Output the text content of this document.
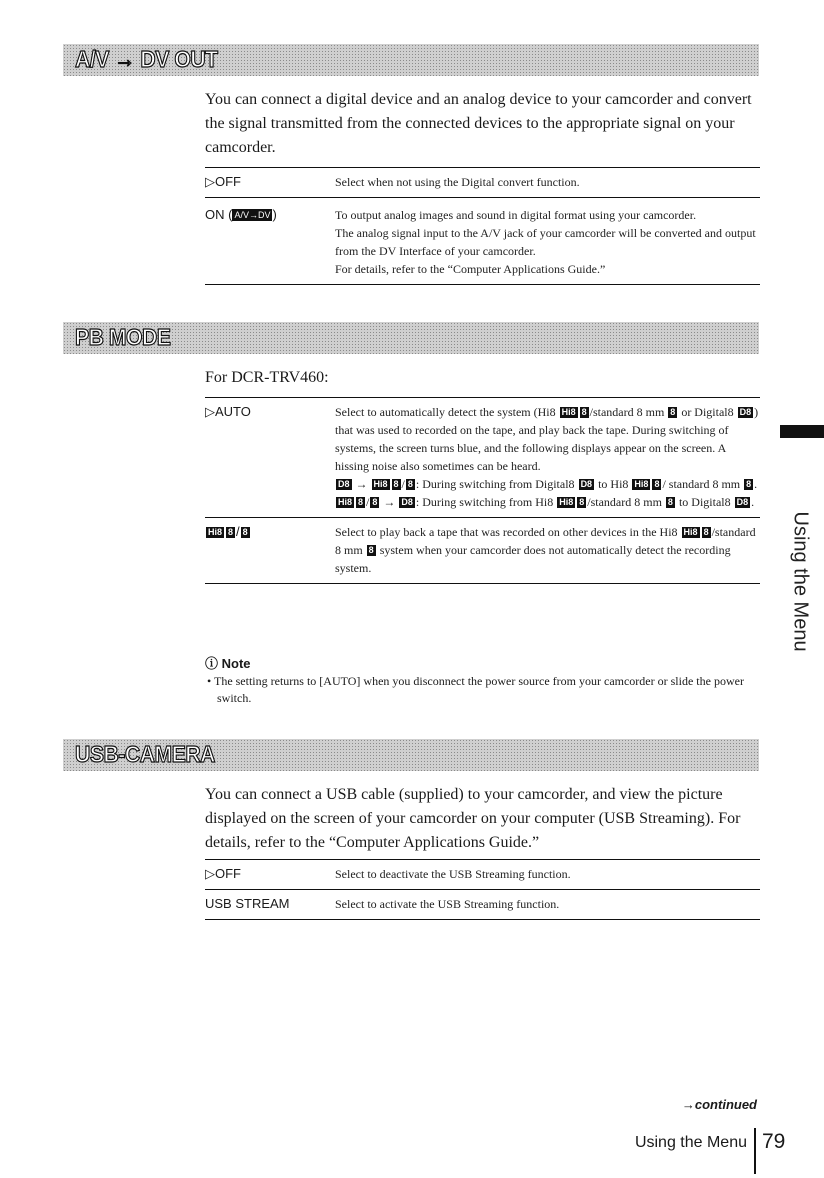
A/V → DV OUT

You can connect a digital device and an analog device to your camcorder and convert the signal transmitted from the connected devices to the appropriate signal on your camcorder.

▷OFF	Select when not using the Digital convert function.
ON ( A/V→DV )	To output analog images and sound in digital format using your camcorder.
The analog signal input to the A/V jack of your camcorder will be converted and output from the DV Interface of your camcorder.
For details, refer to the “Computer Applications Guide.”
PB MODE

For DCR-TRV460:

▷AUTO	Select to automatically detect the system (Hi8 Hi8 8 /standard 8 mm 8 or Digital8 D8 ) that was used to recorded on the tape, and play back the tape. During switching of systems, the screen turns blue, and the following displays appear on the screen. A hissing noise also sometimes can be heard.
D8 → Hi8 8 / 8 : During switching from Digital8 D8 to Hi8 Hi8 8 / standard 8 mm 8 .
Hi8 8 / 8 → D8 : During switching from Hi8 Hi8 8 /standard 8 mm 8 to Digital8 D8 .
Hi8 8 / 8	Select to play back a tape that was recorded on other devices in the Hi8 Hi8 8 /standard 8 mm 8 system when your camcorder does not automatically detect the recording system.
ⓘ Note

• The setting returns to [AUTO] when you disconnect the power source from your camcorder or slide the power switch.

USB-CAMERA

You can connect a USB cable (supplied) to your camcorder, and view the picture displayed on the screen of your camcorder on your computer (USB Streaming). For details, refer to the “Computer Applications Guide.”

▷OFF	Select to deactivate the USB Streaming function.
USB STREAM	Select to activate the USB Streaming function.
Using the Menu
→continued
Using the Menu 79
